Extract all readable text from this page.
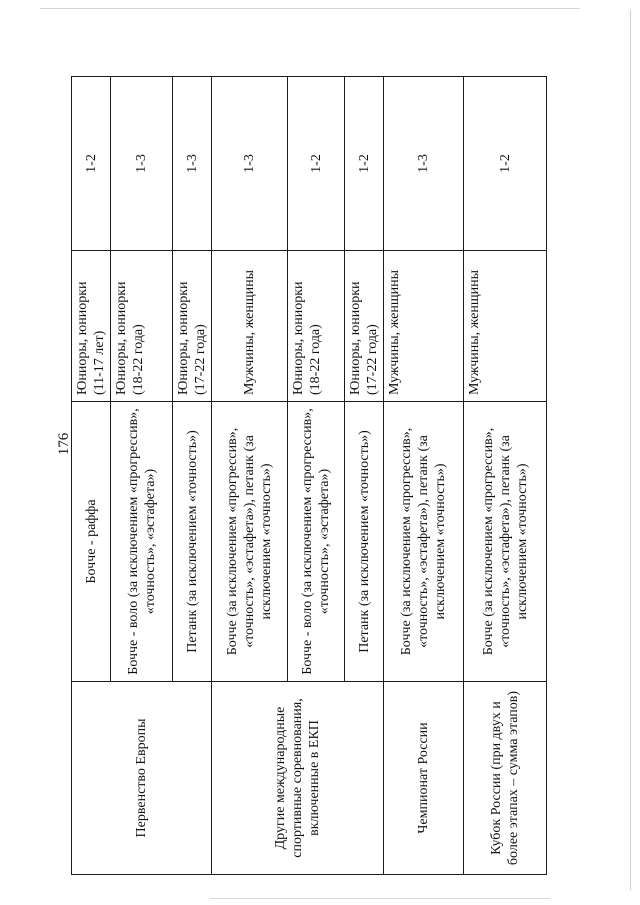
176
Первенство Европы	Бочче - раффа	Юниоры, юниорки (11-17 лет)	1-2
	Бочче - воло (за исключением «прогрессив», «точность», «эстафета»)	Юниоры, юниорки (18-22 года)	1-3
	Петанк (за исключением «точность»)	Юниоры, юниорки (17-22 года)	1-3
Другие международные спортивные соревнования, включенные в ЕКП	Бочче (за исключением «прогрессив», «точность», «эстафета»), петанк (за исключением «точность»)	Мужчины, женщины	1-3
	Бочче - воло (за исключением «прогрессив», «точность», «эстафета»)	Юниоры, юниорки (18-22 года)	1-2
	Петанк (за исключением «точность»)	Юниоры, юниорки (17-22 года)	1-2
Чемпионат России	Бочче (за исключением «прогрессив», «точность», «эстафета»), петанк (за исключением «точность»)	Мужчины, женщины	1-3
Кубок России (при двух и более этапах – сумма этапов)	Бочче (за исключением «прогрессив», «точность», «эстафета»), петанк (за исключением «точность»)	Мужчины, женщины	1-2
